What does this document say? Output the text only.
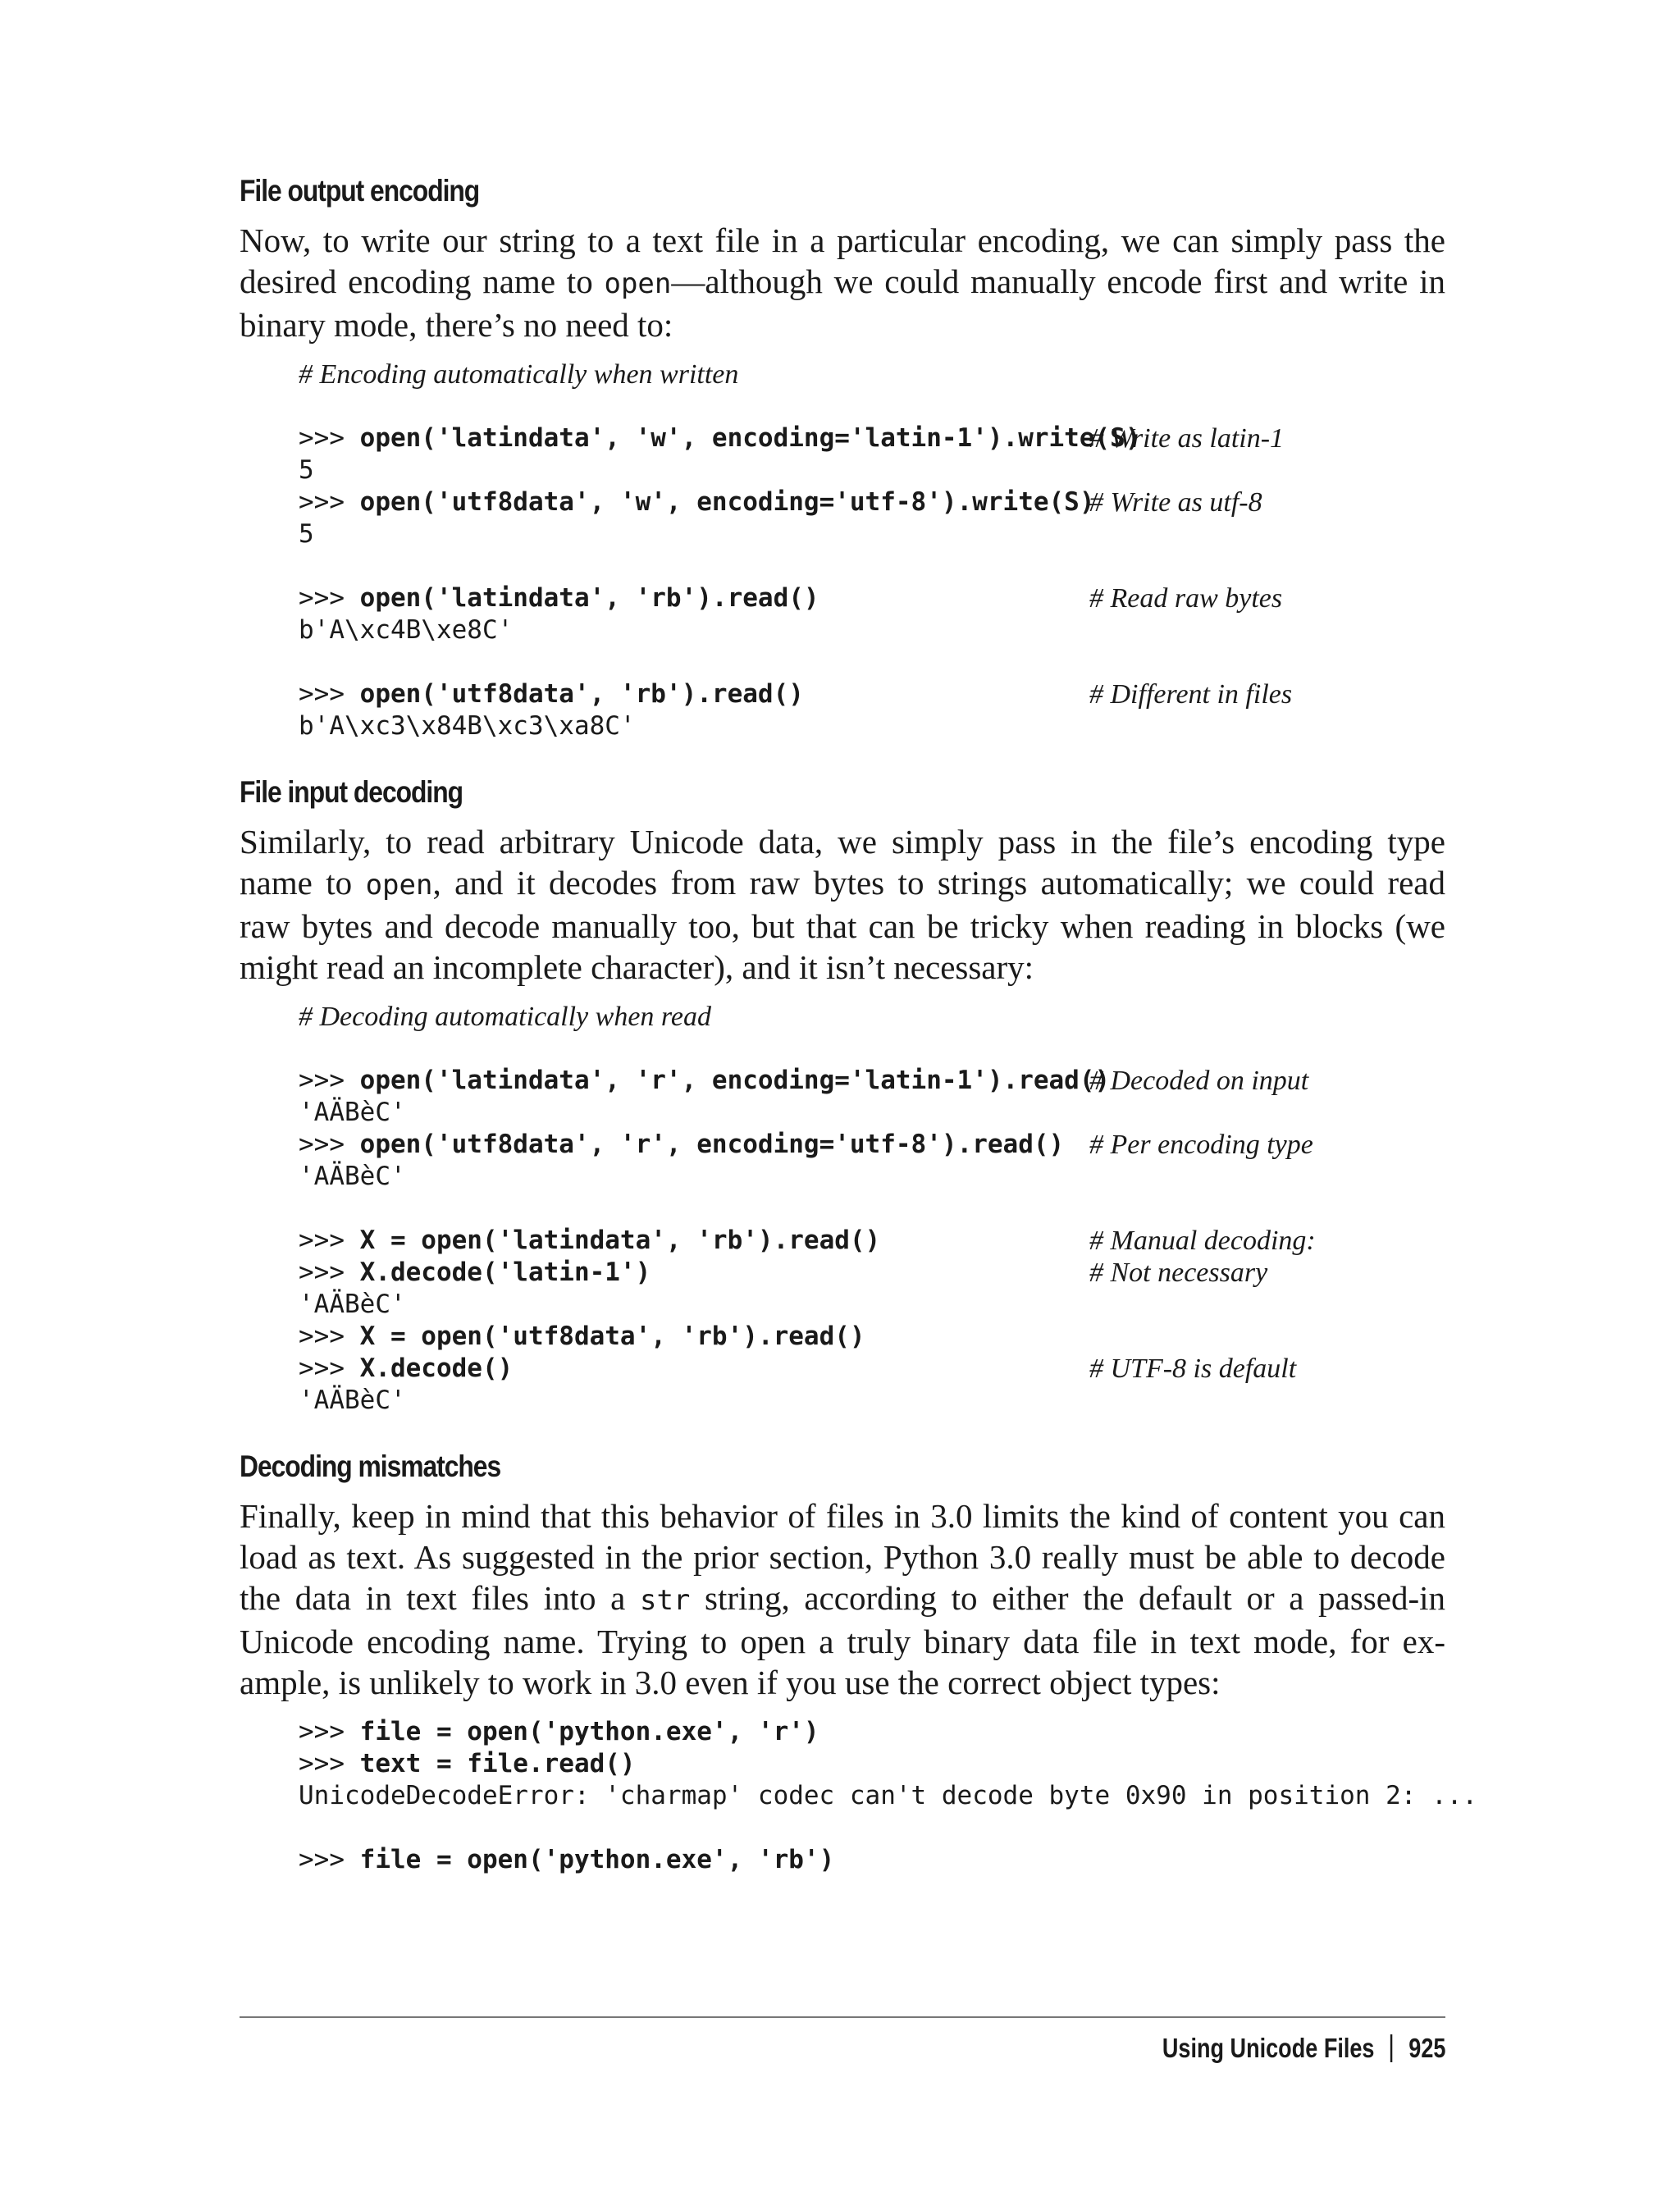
File output encoding
Now, to write our string to a text file in a particular encoding, we can simply pass the
desired encoding name to open—although we could manually encode first and write in
binary mode, there’s no need to:
# Encoding automatically when written
>>> open('latindata', 'w', encoding='latin-1').write(S)
# Write as latin-1
5
>>> open('utf8data', 'w', encoding='utf-8').write(S)
# Write as utf-8
5
>>> open('latindata', 'rb').read()	# Read raw bytes
b'A\xc4B\xe8C'
>>> open('utf8data', 'rb').read()	# Different in files
b'A\xc3\x84B\xc3\xa8C'
File input decoding
Similarly, to read arbitrary Unicode data, we simply pass in the file’s encoding type
name to open, and it decodes from raw bytes to strings automatically; we could read
raw bytes and decode manually too, but that can be tricky when reading in blocks (we
might read an incomplete character), and it isn’t necessary:
# Decoding automatically when read
>>> open('latindata', 'r', encoding='latin-1').read()
# Decoded on input
'AÄBèC'
>>> open('utf8data', 'r', encoding='utf-8').read() # Per encoding type
'AÄBèC'
>>> X = open('latindata', 'rb').read()	# Manual decoding:
>>> X.decode('latin-1')	# Not necessary
'AÄBèC'
>>> X = open('utf8data', 'rb').read()
>>> X.decode()	# UTF-8 is default
'AÄBèC'
Decoding mismatches
Finally, keep in mind that this behavior of files in 3.0 limits the kind of content you can
load as text. As suggested in the prior section, Python 3.0 really must be able to decode
the data in text files into a str string, according to either the default or a passed-in
Unicode encoding name. Trying to open a truly binary data file in text mode, for ex-
ample, is unlikely to work in 3.0 even if you use the correct object types:
>>> file = open('python.exe', 'r')
>>> text = file.read()
UnicodeDecodeError: 'charmap' codec can't decode byte 0x90 in position 2: ...
>>> file = open('python.exe', 'rb')
Using Unicode Files 925
